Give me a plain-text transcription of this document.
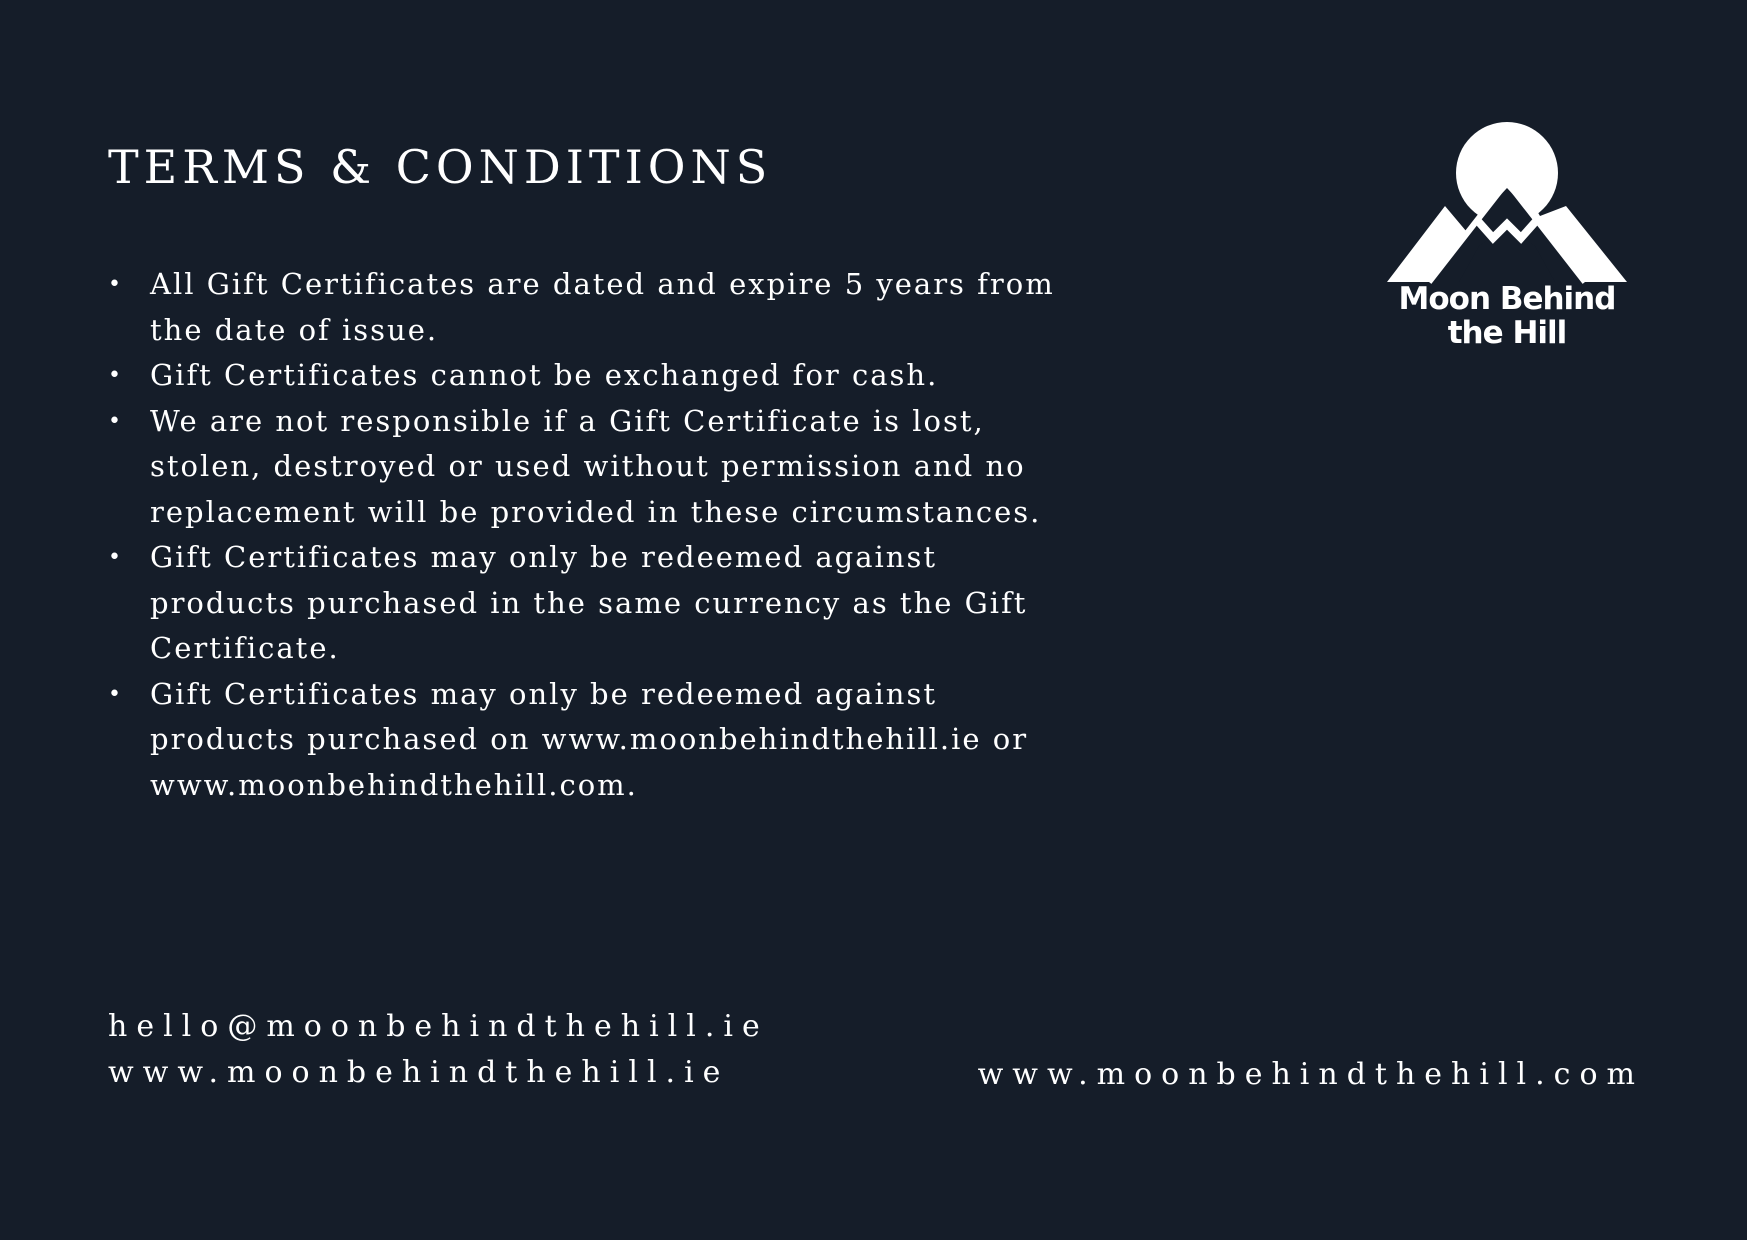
TERMS & CONDITIONS
• All Gift Certificates are dated and expire 5 years from the date of issue.
• Gift Certificates cannot be exchanged for cash.
• We are not responsible if a Gift Certificate is lost, stolen, destroyed or used without permission and no replacement will be provided in these circumstances.
• Gift Certificates may only be redeemed against products purchased in the same currency as the Gift Certificate.
• Gift Certificates may only be redeemed against products purchased on www.moonbehindthehill.ie or www.moonbehindthehill.com.
hello@moonbehindthehill.ie
www.moonbehindthehill.ie	www.moonbehindthehill.com
Moon Behind
the Hill
